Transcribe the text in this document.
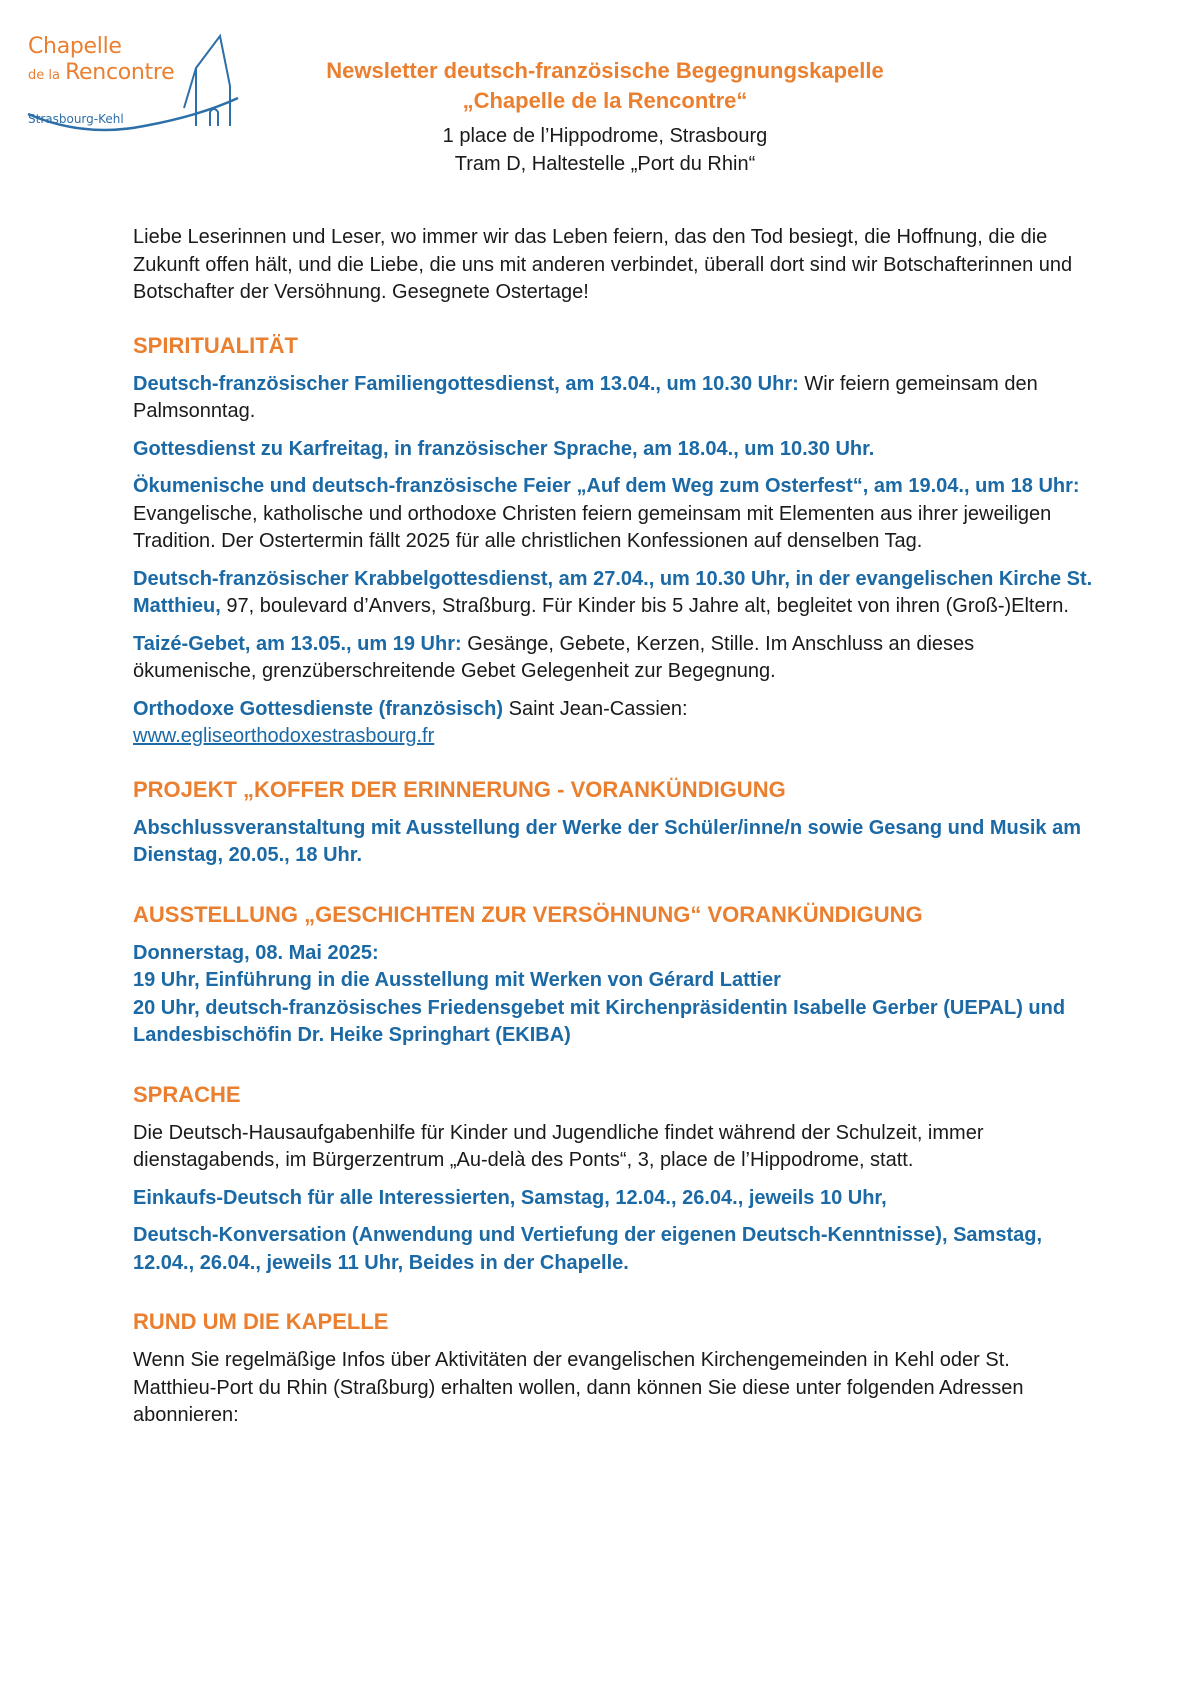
Chapelle
de la Rencontre
Strasbourg-Kehl
Newsletter deutsch-französische Begegnungskapelle
„Chapelle de la Rencontre“
1 place de l’Hippodrome, Strasbourg
Tram D, Haltestelle „Port du Rhin“

Liebe Leserinnen und Leser, wo immer wir das Leben feiern, das den Tod besiegt, die Hoffnung, die die Zukunft offen hält, und die Liebe, die uns mit anderen verbindet, überall dort sind wir Botschafterinnen und Botschafter der Versöhnung. Gesegnete Ostertage!

SPIRITUALITÄT

Deutsch-französischer Familiengottesdienst, am 13.04., um 10.30 Uhr: Wir feiern gemeinsam den Palmsonntag.

Gottesdienst zu Karfreitag, in französischer Sprache, am 18.04., um 10.30 Uhr.

Ökumenische und deutsch-französische Feier „Auf dem Weg zum Osterfest“, am 19.04., um 18 Uhr: Evangelische, katholische und orthodoxe Christen feiern gemeinsam mit Elementen aus ihrer jeweiligen Tradition. Der Ostertermin fällt 2025 für alle christlichen Konfessionen auf denselben Tag.

Deutsch-französischer Krabbelgottesdienst, am 27.04., um 10.30 Uhr, in der evangelischen Kirche St. Matthieu, 97, boulevard d’Anvers, Straßburg. Für Kinder bis 5 Jahre alt, begleitet von ihren (Groß-)Eltern.

Taizé-Gebet, am 13.05., um 19 Uhr: Gesänge, Gebete, Kerzen, Stille. Im Anschluss an dieses ökumenische, grenzüberschreitende Gebet Gelegenheit zur Begegnung.

Orthodoxe Gottesdienste (französisch) Saint Jean-Cassien:
www.egliseorthodoxestrasbourg.fr

PROJEKT „KOFFER DER ERINNERUNG - VORANKÜNDIGUNG

Abschlussveranstaltung mit Ausstellung der Werke der Schüler/inne/n sowie Gesang und Musik am Dienstag, 20.05., 18 Uhr.

AUSSTELLUNG „GESCHICHTEN ZUR VERSÖHNUNG“ VORANKÜNDIGUNG

Donnerstag, 08. Mai 2025:

19 Uhr, Einführung in die Ausstellung mit Werken von Gérard Lattier

20 Uhr, deutsch-französisches Friedensgebet mit Kirchenpräsidentin Isabelle Gerber (UEPAL) und Landesbischöfin Dr. Heike Springhart (EKIBA)

SPRACHE

Die Deutsch-Hausaufgabenhilfe für Kinder und Jugendliche findet während der Schulzeit, immer dienstagabends, im Bürgerzentrum „Au-delà des Ponts“, 3, place de l’Hippodrome, statt.

Einkaufs-Deutsch für alle Interessierten, Samstag, 12.04., 26.04., jeweils 10 Uhr,

Deutsch-Konversation (Anwendung und Vertiefung der eigenen Deutsch-Kenntnisse), Samstag, 12.04., 26.04., jeweils 11 Uhr, Beides in der Chapelle.

RUND UM DIE KAPELLE

Wenn Sie regelmäßige Infos über Aktivitäten der evangelischen Kirchengemeinden in Kehl oder St. Matthieu-Port du Rhin (Straßburg) erhalten wollen, dann können Sie diese unter folgenden Adressen abonnieren:
